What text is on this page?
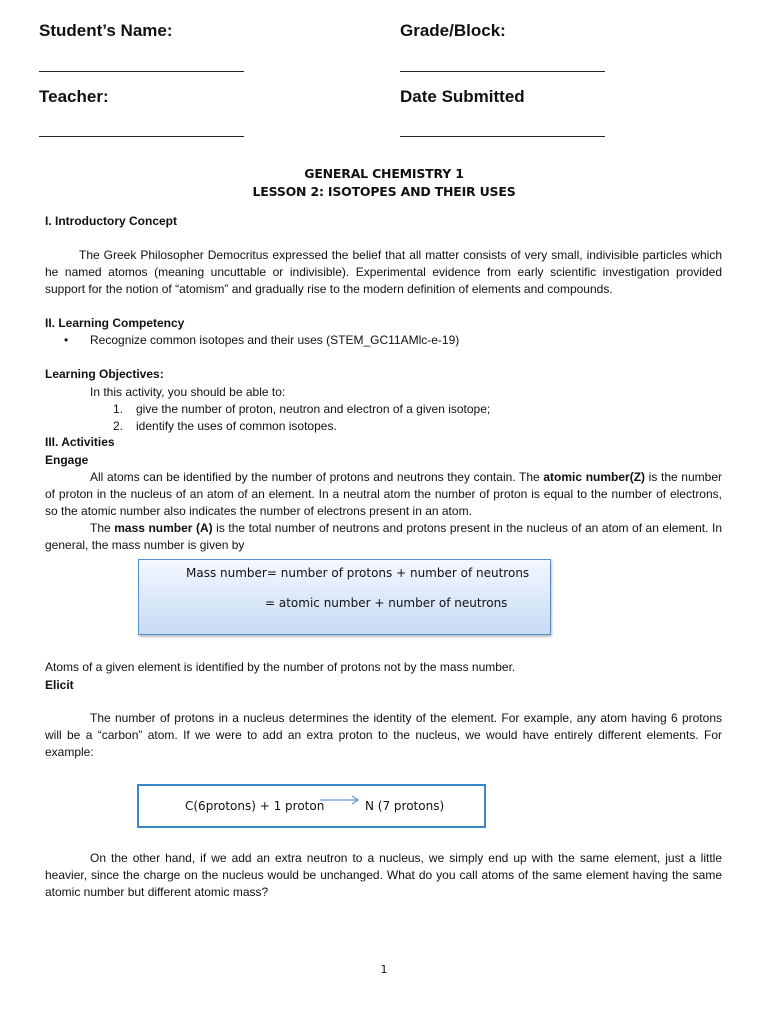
Student’s Name:	Grade/Block:
Teacher:	Date Submitted
GENERAL CHEMISTRY 1
LESSON 2: ISOTOPES AND THEIR USES
I. Introductory Concept
The Greek Philosopher Democritus expressed the belief that all matter consists of very small, indivisible particles which he named atomos (meaning uncuttable or indivisible). Experimental evidence from early scientific investigation provided support for the notion of “atomism” and gradually rise to the modern definition of elements and compounds.
II. Learning Competency
• Recognize common isotopes and their uses (STEM_GC11AMlc-e-19)
Learning Objectives:
In this activity, you should be able to:
1. give the number of proton, neutron and electron of a given isotope;
2. identify the uses of common isotopes.
III. Activities
Engage
All atoms can be identified by the number of protons and neutrons they contain. The atomic number(Z) is the number of proton in the nucleus of an atom of an element. In a neutral atom the number of proton is equal to the number of electrons, so the atomic number also indicates the number of electrons present in an atom.
The mass number (A) is the total number of neutrons and protons present in the nucleus of an atom of an element. In general, the mass number is given by
Mass number= number of protons + number of neutrons
= atomic number + number of neutrons
Atoms of a given element is identified by the number of protons not by the mass number.
Elicit
The number of protons in a nucleus determines the identity of the element. For example, any atom having 6 protons will be a “carbon” atom. If we were to add an extra proton to the nucleus, we would have entirely different elements. For example:
C(6protons) + 1 proton → N (7 protons)
On the other hand, if we add an extra neutron to a nucleus, we simply end up with the same element, just a little heavier, since the charge on the nucleus would be unchanged. What do you call atoms of the same element having the same atomic number but different atomic mass?
1
